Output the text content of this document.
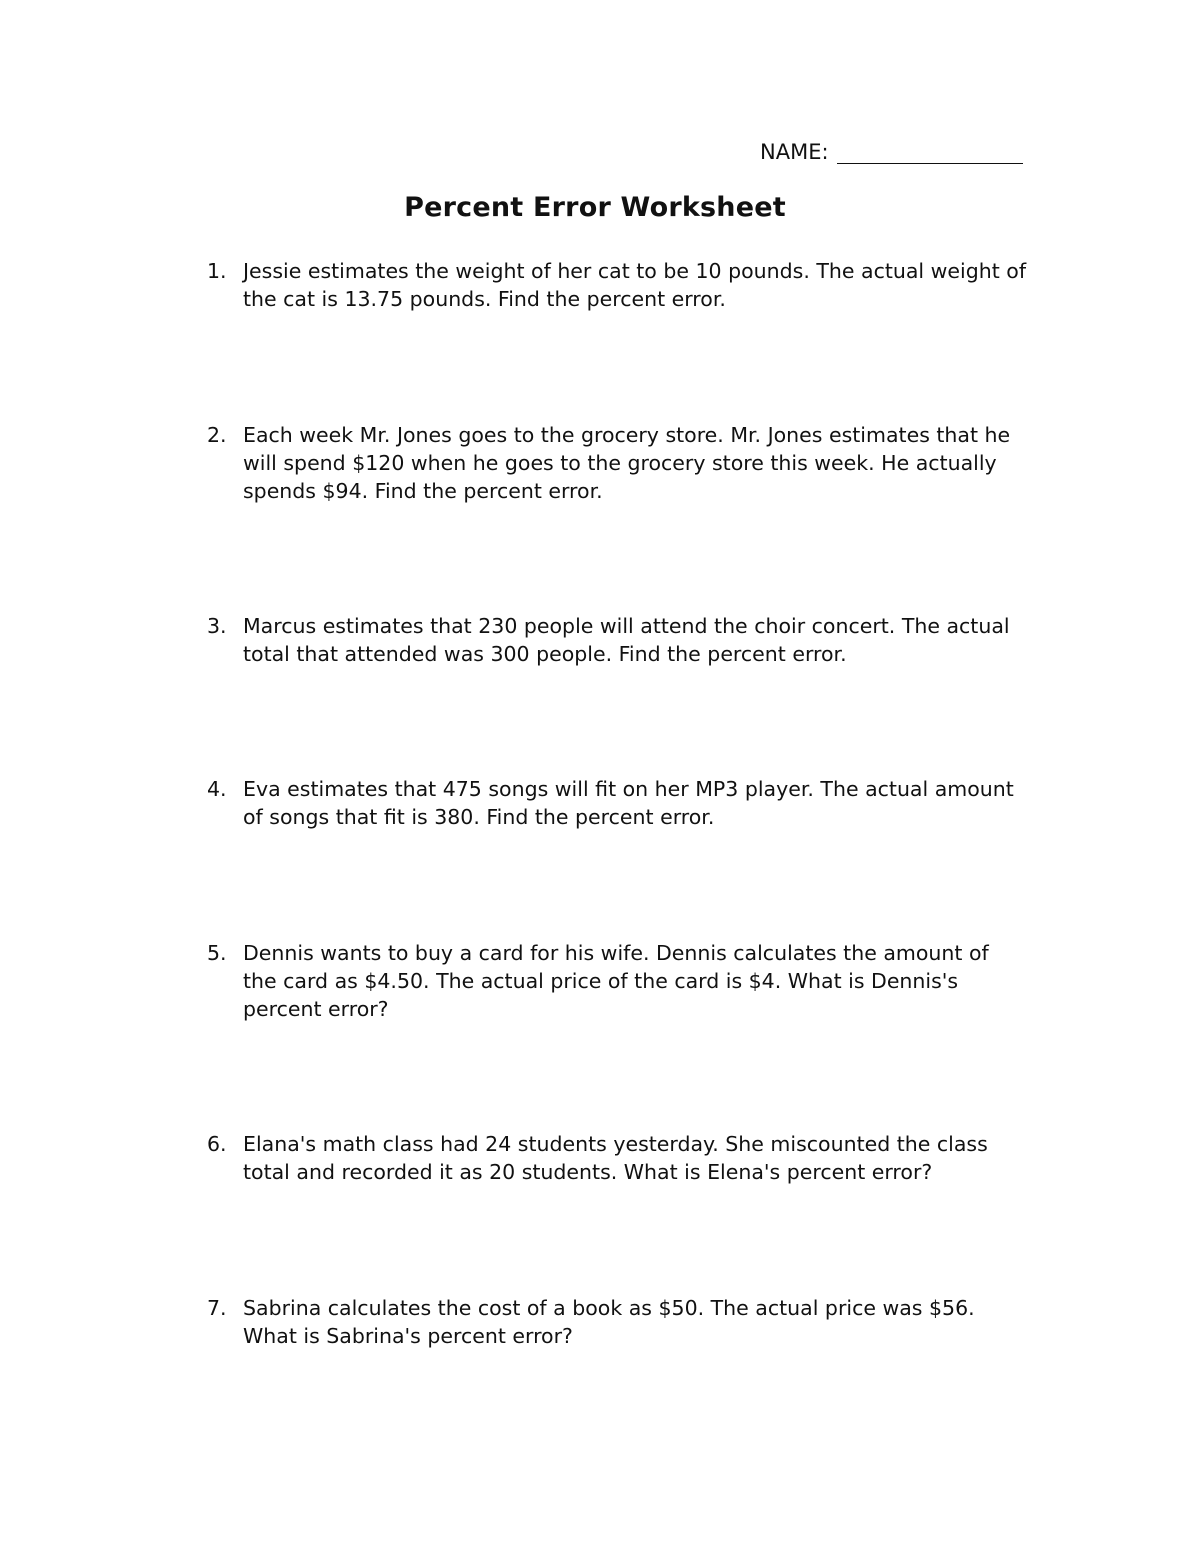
NAME:
Percent Error Worksheet
1. Jessie estimates the weight of her cat to be 10 pounds. The actual weight of the cat is 13.75 pounds. Find the percent error.
2. Each week Mr. Jones goes to the grocery store. Mr. Jones estimates that he will spend $120 when he goes to the grocery store this week. He actually spends $94. Find the percent error.
3. Marcus estimates that 230 people will attend the choir concert. The actual total that attended was 300 people. Find the percent error.
4. Eva estimates that 475 songs will fit on her MP3 player. The actual amount of songs that fit is 380. Find the percent error.
5. Dennis wants to buy a card for his wife. Dennis calculates the amount of the card as $4.50. The actual price of the card is $4. What is Dennis's percent error?
6. Elana's math class had 24 students yesterday. She miscounted the class total and recorded it as 20 students. What is Elena's percent error?
7. Sabrina calculates the cost of a book as $50. The actual price was $56. What is Sabrina's percent error?
